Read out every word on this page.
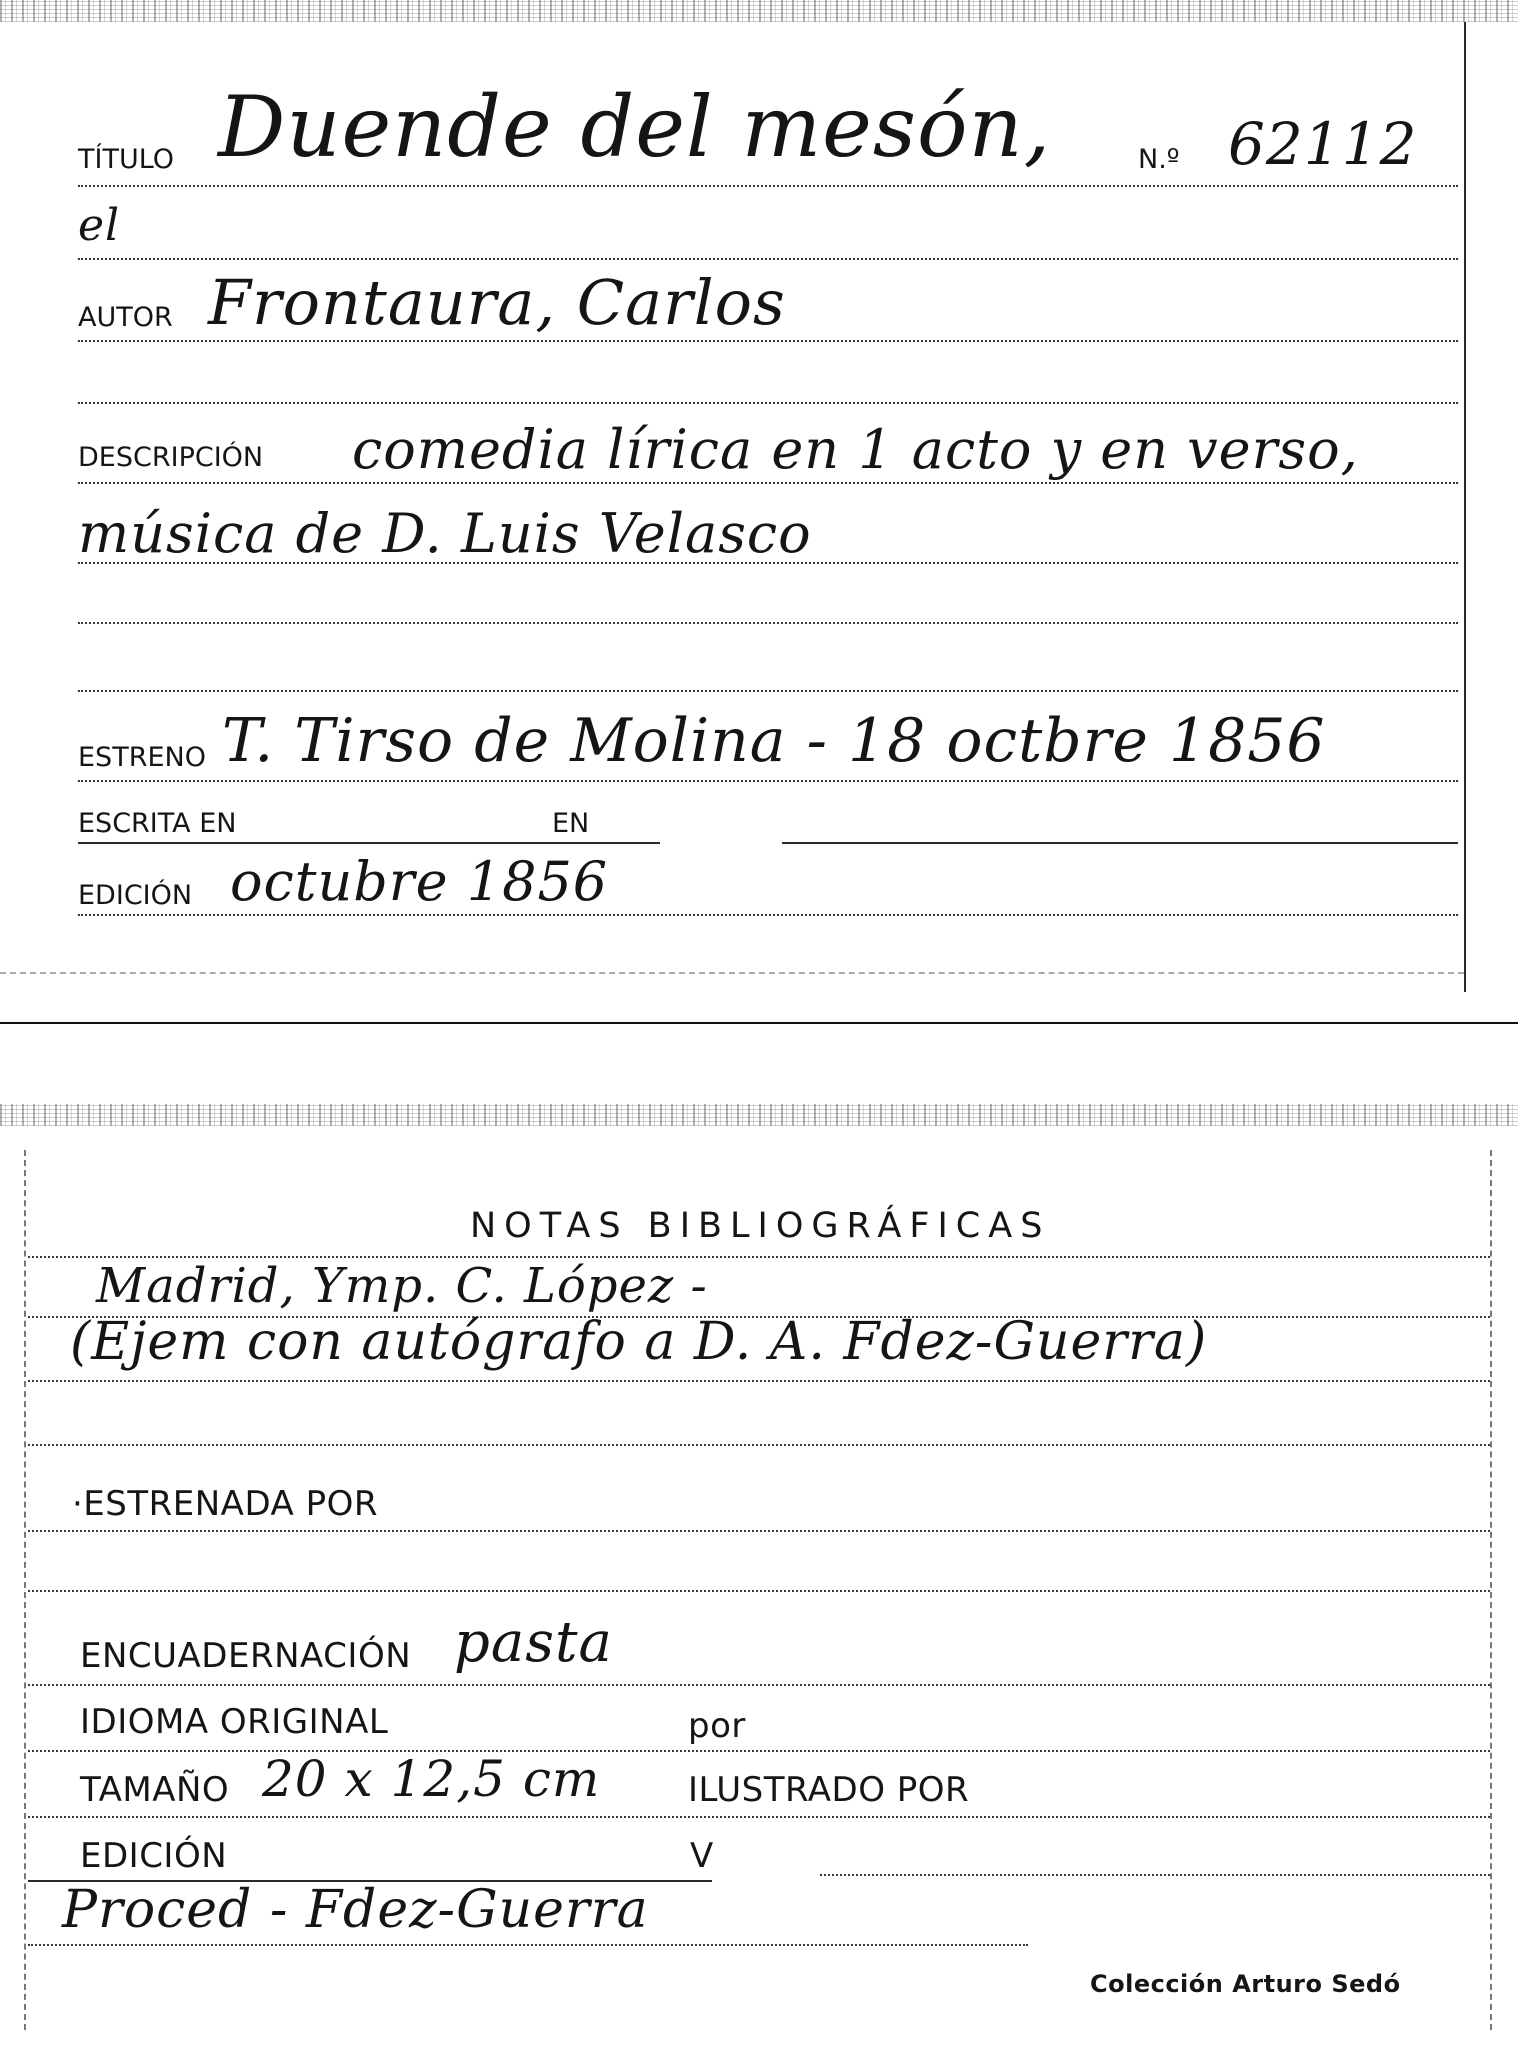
TÍTULO Duende del mesón,	N.º 62112
el
AUTOR Frontaura, Carlos
DESCRIPCIÓN comedia lírica en 1 acto y en verso,
música de D. Luis Velasco
ESTRENO T. Tirso de Molina - 18 octbre 1856
ESCRITA EN	EN
EDICIÓN octubre 1856
NOTAS BIBLIOGRÁFICAS
Madrid, Ymp. C. López -
(Ejem con autógrafo a D. A. Fdez-Guerra)
·ESTRENADA POR
ENCUADERNACIÓN pasta
IDIOMA ORIGINAL	por
TAMAÑO 20 x 12,5 cm	ILUSTRADO POR
EDICIÓN	V
Proced - Fdez-Guerra
Colección Arturo Sedó
